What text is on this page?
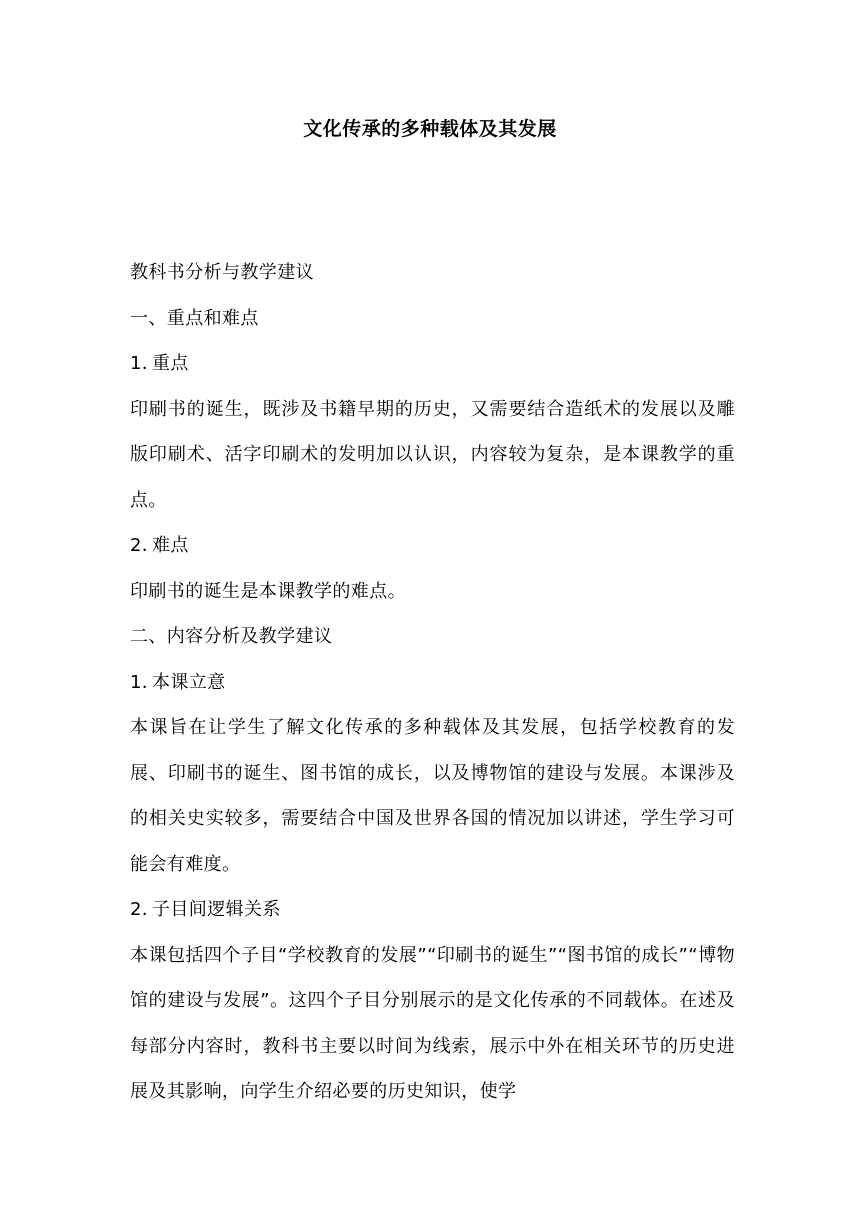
文化传承的多种载体及其发展

教科书分析与教学建议

一、重点和难点

1．重点

印刷书的诞生，既涉及书籍早期的历史，又需要结合造纸术的发展以及雕版印刷术、活字印刷术的发明加以认识，内容较为复杂，是本课教学的重点。

2．难点

印刷书的诞生是本课教学的难点。

二、内容分析及教学建议

1．本课立意

本课旨在让学生了解文化传承的多种载体及其发展，包括学校教育的发展、印刷书的诞生、图书馆的成长，以及博物馆的建设与发展。本课涉及的相关史实较多，需要结合中国及世界各国的情况加以讲述，学生学习可能会有难度。

2．子目间逻辑关系

本课包括四个子目“学校教育的发展”“印刷书的诞生”“图书馆的成长”“博物馆的建设与发展”。这四个子目分别展示的是文化传承的不同载体。在述及每部分内容时，教科书主要以时间为线索，展示中外在相关环节的历史进展及其影响，向学生介绍必要的历史知识，使学
